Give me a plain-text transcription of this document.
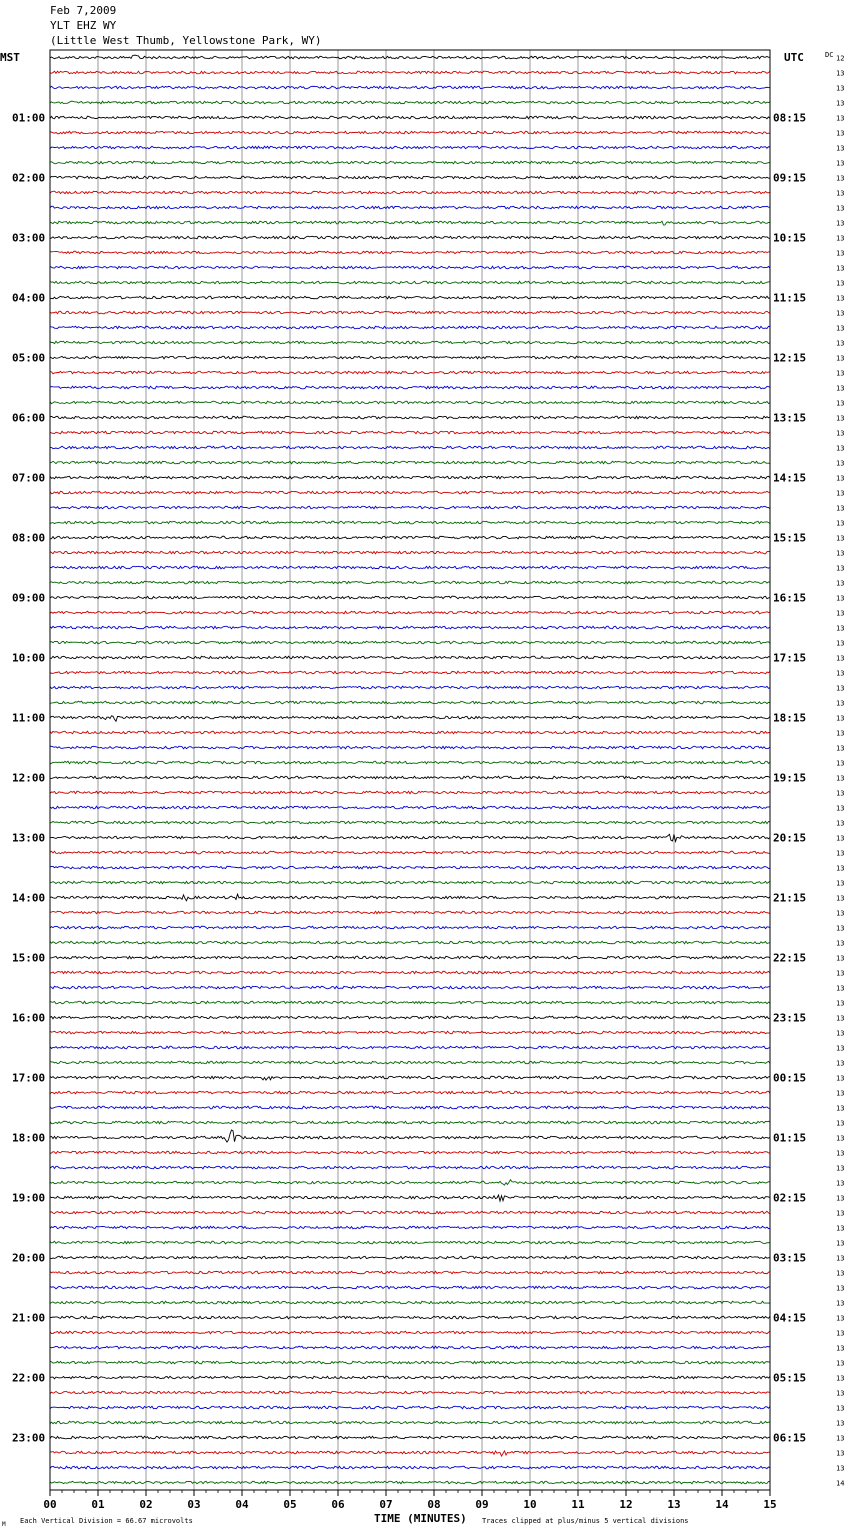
Feb 7,2009
YLT EHZ WY
(Little West Thumb, Yellowstone Park, WY)
00	01	02	03	04	05	06	07	08	09	10	11	12	13	14	15
01:00
02:00
03:00
04:00
05:00
06:00
07:00
08:00
09:00
10:00
11:00
12:00
13:00
14:00
15:00
16:00
17:00
18:00
19:00
20:00
21:00
22:00
23:00
08:15
09:15
10:15
11:15
12:15
13:15
14:15
15:15
16:15
17:15
18:15
19:15
20:15
21:15
22:15
23:15
00:15
01:15
02:15
03:15
04:15
05:15
06:15
12
13
13
13
13
13
13
13
13
13
13
13
13
13
13
13
13
13
13
13
13
13
13
13
13
13
13
13
13
13
13
13
13
13
13
13
13
13
13
13
13
13
13
13
13
13
13
13
13
13
13
13
13
13
13
13
13
13
13
13
13
13
13
13
13
13
13
13
13
13
13
13
13
13
13
13
13
13
13
13
13
13
13
13
13
13
13
13
13
13
13
13
13
13
13
14
MST	UTC	DC
M Each Vertical Division = 66.67 microvolts	TIME (MINUTES) Traces clipped at plus/minus 5 vertical divisions
